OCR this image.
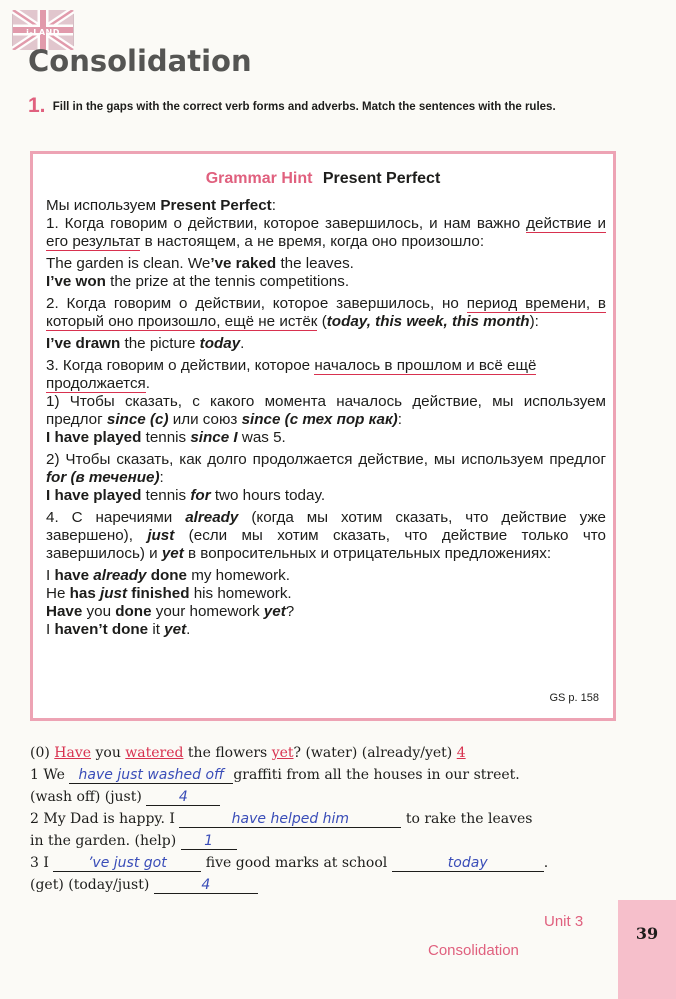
i-LAND
Consolidation
1. Fill in the gaps with the correct verb forms and adverbs. Match the sentences with the rules.
Grammar Hint Present Perfect

Мы используем Present Perfect:

1. Когда говорим о действии, которое завершилось, и нам важно действие и его результат в настоящем, а не время, когда оно произошло:

The garden is clean. We’ve raked the leaves.

I’ve won the prize at the tennis competitions.

2. Когда говорим о действии, которое завершилось, но период времени, в который оно произошло, ещё не истёк (today, this week, this month):

I’ve drawn the picture today.

3. Когда говорим о действии, которое началось в прошлом и всё ещё продолжается.

1) Чтобы сказать, с какого момента началось действие, мы используем предлог since (с) или союз since (с тех пор как):

I have played tennis since I was 5.

2) Чтобы сказать, как долго продолжается действие, мы используем предлог for (в течение):

I have played tennis for two hours today.

4. С наречиями already (когда мы хотим сказать, что действие уже завершено), just (если мы хотим сказать, что действие только что завершилось) и yet в вопросительных и отрицательных предложениях:

I have already done my homework.

He has just finished his homework.

Have you done your homework yet?

I haven’t done it yet.

GS p. 158
(0) Have you watered the flowers yet? (water) (already/yet) 4
1 We have just washed off graffiti from all the houses in our street.
(wash off) (just) 4
2 My Dad is happy. I	have helped him	to rake the leaves
in the garden. (help) 1
3 I ’ve just got five good marks at school	today	.
(get) (today/just)	4
Unit 3
Consolidation
39
